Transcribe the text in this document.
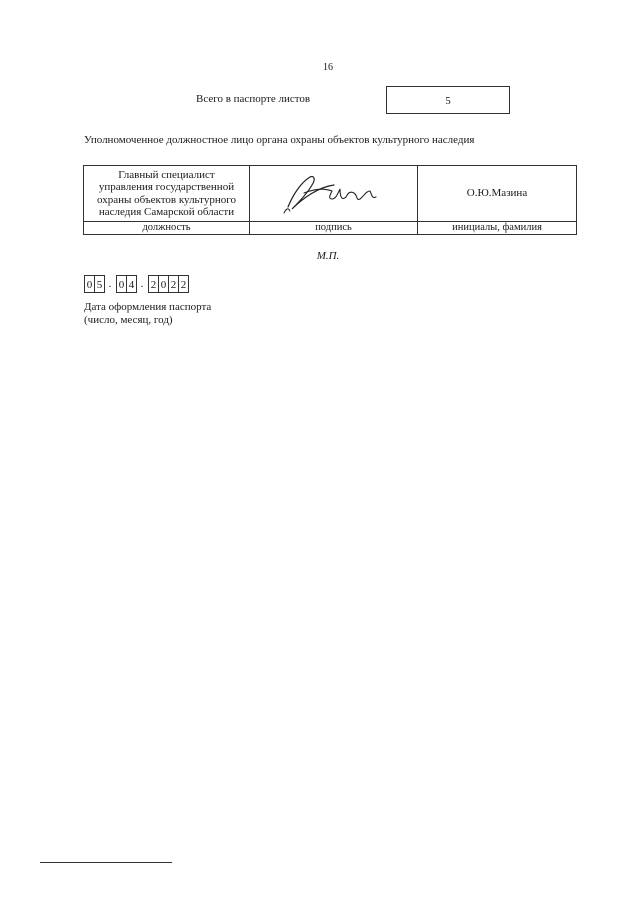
16
Всего в паспорте листов	5
Уполномоченное должностное лицо органа охраны объектов культурного наследия
Главный специалист
управления государственной
охраны объектов культурного
наследия Самарской области		О.Ю.Мазина
должность	подпись	инициалы, фамилия
М.П.
0 5 . 0 4 . 2 0 2 2
Дата оформления паспорта
(число, месяц, год)
